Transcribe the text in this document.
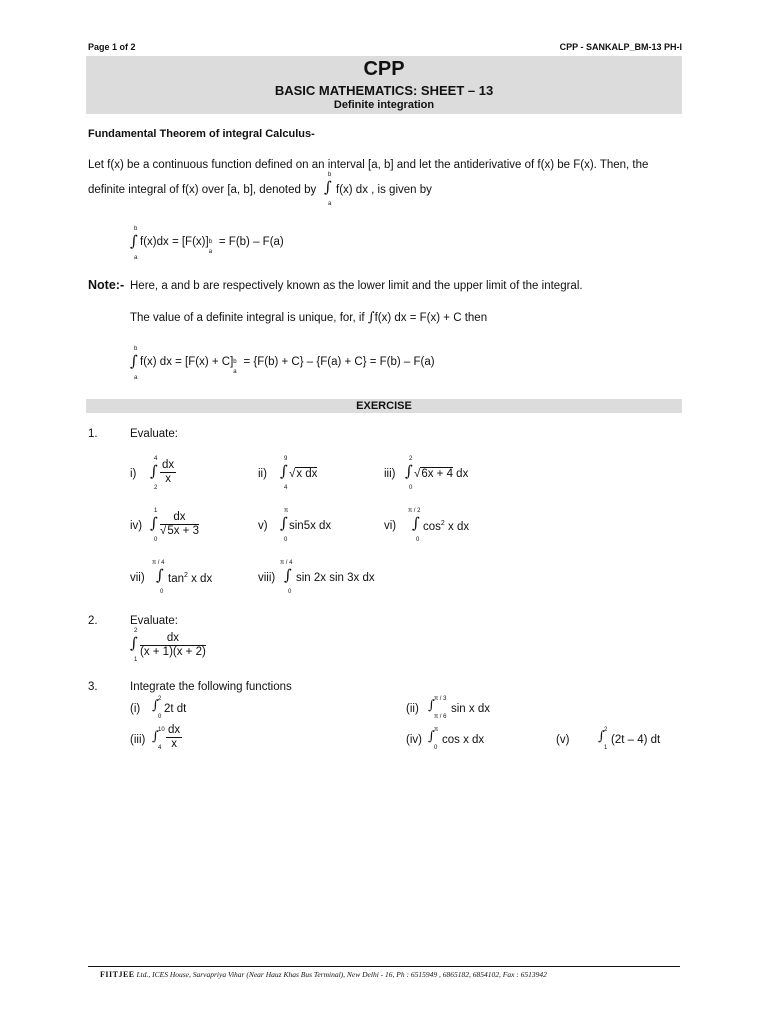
Page 1 of 2	CPP - SANKALP_BM-13 PH-I
CPP
BASIC MATHEMATICS: SHEET – 13
Definite integration
Fundamental Theorem of integral Calculus-
Let f(x) be a continuous function defined on an interval [a, b] and let the antiderivative of f(x) be F(x). Then, the
definite integral of f(x) over [a, b], denoted by
b
∫
a
f(x) dx , is given by
b
∫
a
f(x)dx = [F(x)] b
a
= F(b) – F(a)
Note:- Here, a and b are respectively known as the lower limit and the upper limit of the integral.
The value of a definite integral is unique, for, if ∫f(x) dx = F(x) + C then
b
∫
a
f(x) dx = [F(x) + C] b
a
= {F(b) + C} – {F(a) + C} = F(b) – F(a)
EXERCISE
1.	Evaluate:
i)
4
∫
2
$\frac{dx}{x}$	ii)
9
∫
4
√x dx	iii)
2
∫
0
√6x + 4 dx
iv)
1
∫
0
$\frac{dx}{√5x + 3}$	v)
π
∫
0
sin5x dx	vi)
π / 2
∫
0
$\cos^2 x$ dx
vii)
π / 4
∫
0
$\tan^2 x$ dx	viii)
π / 4
∫
0
sin 2x sin 3x dx
2.	Evaluate:
2
∫
1
$\frac{dx}{(x + 1)(x + 2)}$
3.	Integrate the following functions
(i)
2
∫
0
2t dt	(ii)
π / 3
∫
π / 6
sin x dx
(iii)
10
∫
$4 \frac{dx}{x}$	(iv)
π
∫
0
cos x dx	(v)
2
∫
1
(2t – 4) dt
FIITJEE Ltd., ICES House, Sarvapriya Vihar (Near Hauz Khas Bus Terminal), New Delhi - 16, Ph : 6515949 , 6865182, 6854102, Fax : 6513942
